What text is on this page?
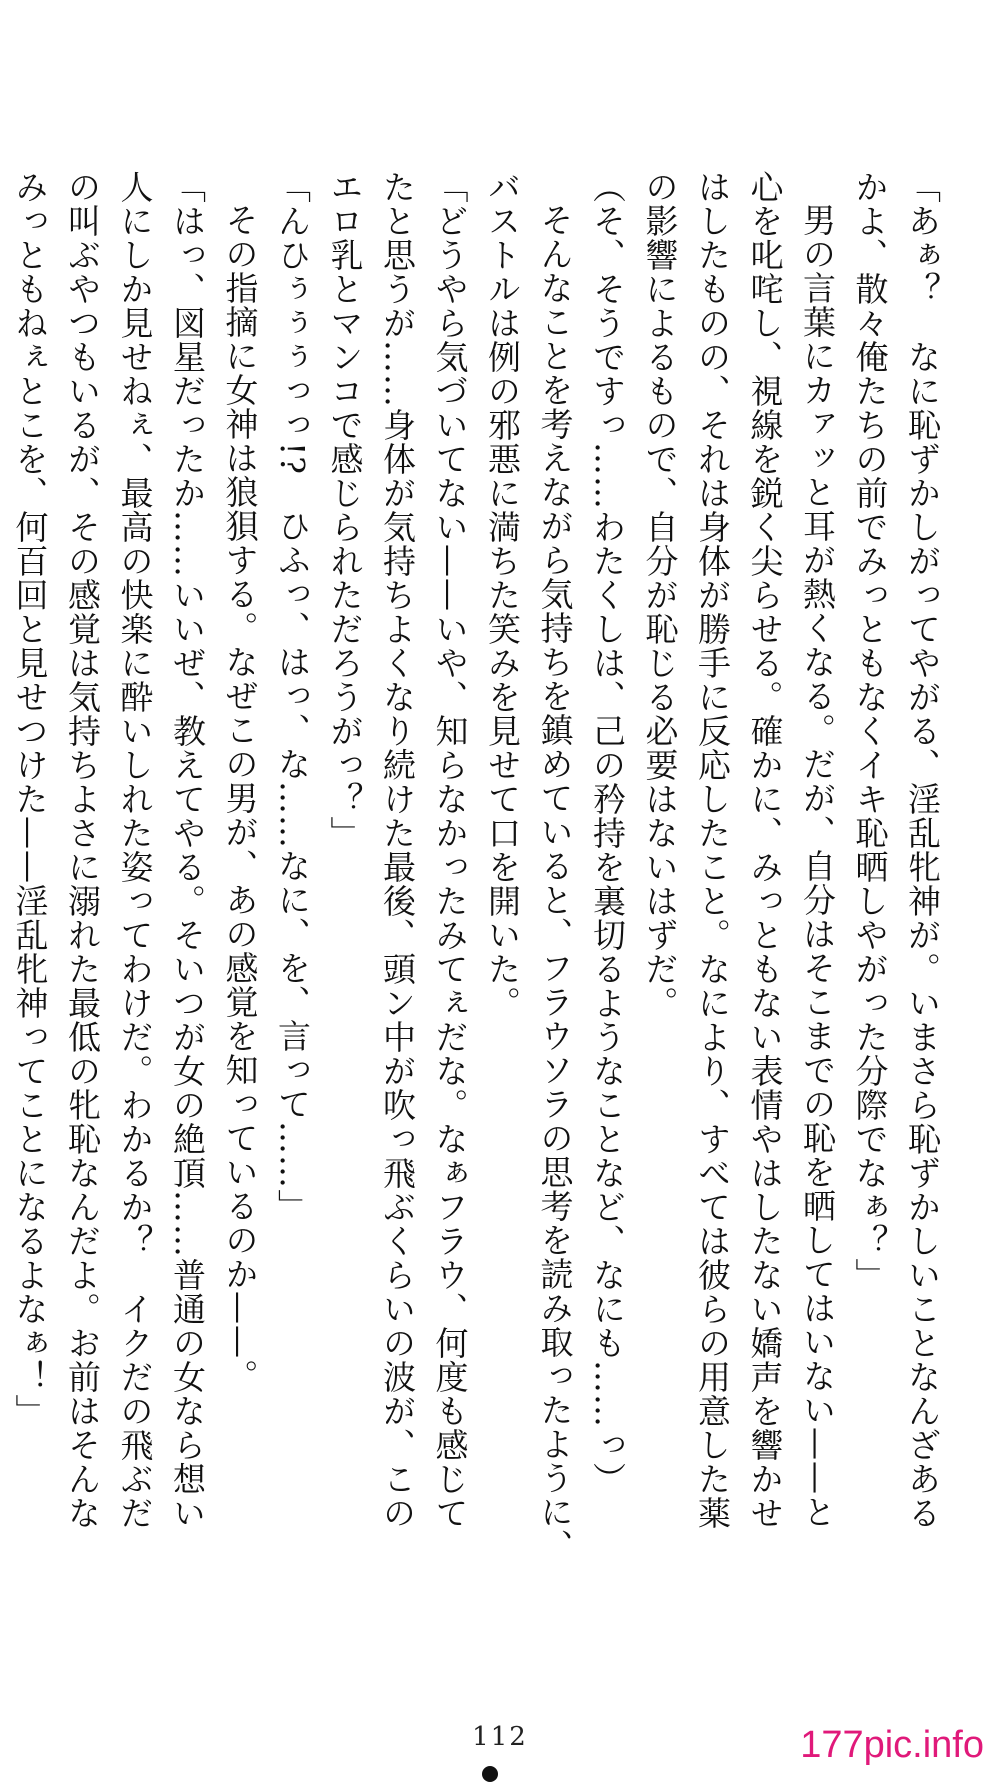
「あぁ？　なに恥ずかしがってやがる、淫乱牝神が。いまさら恥ずかしいことなんざある
かよ、散々俺たちの前でみっともなくイキ恥晒しやがった分際でなぁ？」
男の言葉にカァッと耳が熱くなる。だが、自分はそこまでの恥を晒してはいない——と
心を叱咤し、視線を鋭く尖らせる。確かに、みっともない表情やはしたない嬌声を響かせ
はしたものの、それは身体が勝手に反応したこと。なにより、すべては彼らの用意した薬
の影響によるもので、自分が恥じる必要はないはずだ。
（そ、そうですっ……わたくしは、己の矜持を裏切るようなことなど、なにも……っ）
そんなことを考えながら気持ちを鎮めていると、フラウソラの思考を読み取ったように、
バストルは例の邪悪に満ちた笑みを見せて口を開いた。
「どうやら気づいてない——いや、知らなかったみてぇだな。なぁフラウ、何度も感じて
たと思うが……身体が気持ちよくなり続けた最後、頭ン中が吹っ飛ぶくらいの波が、この
エロ乳とマンコで感じられただろうがっ？」
「んひぅぅぅっっ!?　ひふっ、はっ、な……なに、を、言って……」
その指摘に女神は狼狽する。なぜこの男が、あの感覚を知っているのか——。
「はっ、図星だったか……いいぜ、教えてやる。そいつが女の絶頂……普通の女なら想い
人にしか見せねぇ、最高の快楽に酔いしれた姿ってわけだ。わかるか？　イクだの飛ぶだ
の叫ぶやつもいるが、その感覚は気持ちよさに溺れた最低の牝恥なんだよ。お前はそんな
みっともねぇとこを、何百回と見せつけた——淫乱牝神ってことになるよなぁ！」
112	177pic.info
